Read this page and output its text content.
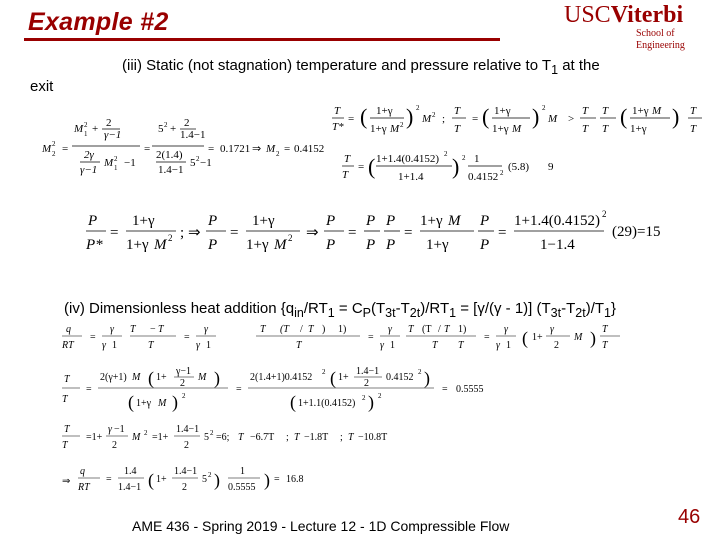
Example #2	USCViterbi
School of Engineering
(iii) Static (not stagnation) temperature and pressure relative to $T_1$ at the
exit
M 2
2 =
M 1
2 + 2
γ−1
2γ
γ−1
M 1
2 −1
=
5 2 + 2
1.4−1
2(1.4)
1.4−1
5 2 −1
= 0.1721 ⇒ M 2 = 0.4152
T
T*
= ( 1+γ
1+γ M 2 ) 2
M 2 ;
T
T
= ( 1+γ
1+γ M ) 2
M >
T
T
T
T ( 1+γ M
1+γ ) T
T
T
T
= ( 1+1.4(0.4152) 2
1+1.4 ) 2 1
0.4152 2 (5.8) 9
P
P*
=
1+γ
1+γ M 2 ; ⇒
P
P
=
1+γ
1+γ M 2 ⇒
P
P
=
P
P
P
P
=
1+γ M
1+γ
P
P
=
1+1.4(0.4152) 2
1−1.4
(29)=15
(iv) Dimensionless heat addition {$q_{in}/RT_1 = C_P(T_{3t}-T_{2t})/RT_1 = [\gamma/(\gamma - 1)]$ $(T_{3t}-T_{2t})/T_1$}
q
RT
=
γ
γ 1
T − T
T
=
γ
γ 1
T (T / T ) 1)
T
=
γ
γ 1
T (T / T 1)
T T
=
γ
γ 1 ( 1+
γ
2
M ) T
T
T
T
=
2(γ+1) M ( 1+
γ−1
2
M )
( 1+γ M ) 2
=
2(1.4+1)0.4152 2 ( 1+
1.4−1
2
0.4152 2 )
( 1+1.1(0.4152) 2 ) 2
= 0.5555
T
T
=1+
γ −1
2
M 2 =1+
1.4−1
2
5 2 =6; T −6.7T ; T −1.8T ; T −10.8T
⇒
q
RT
=
1.4
1.4−1 ( 1+
1.4−1
2
5 2 ) 1
0.5555 ) = 16.8
AME 436 - Spring 2019 - Lecture 12 - 1D Compressible Flow	46
